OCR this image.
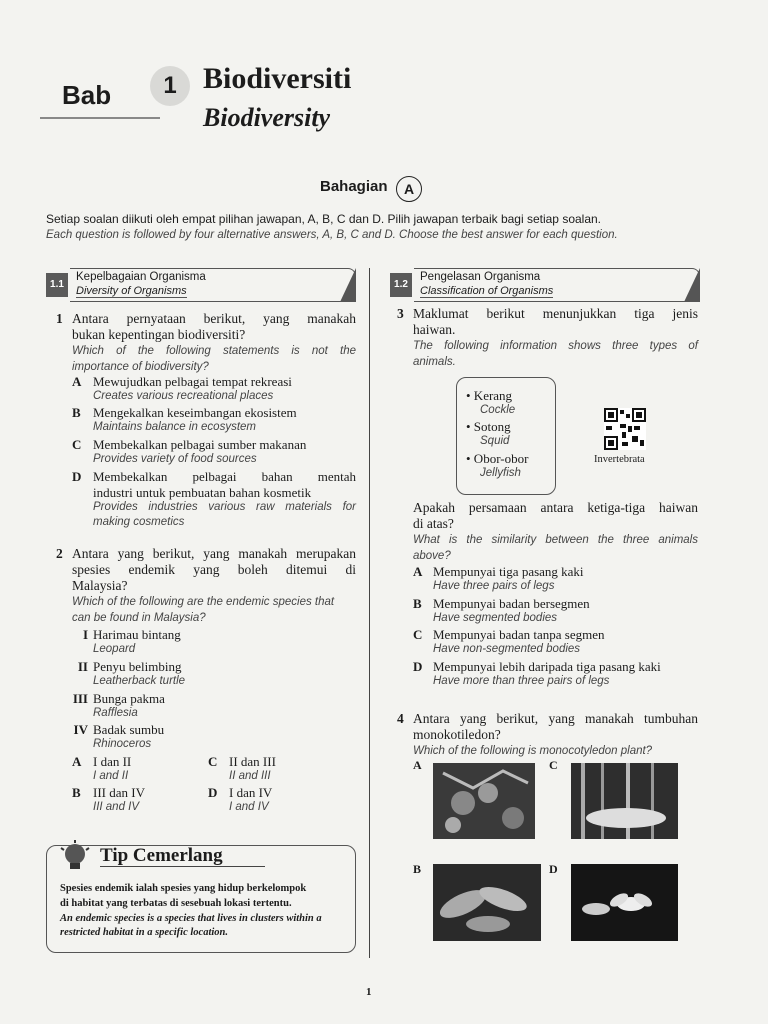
Bab	1 Biodiversiti
Biodiversity
Bahagian	A
Setiap soalan diikuti oleh empat pilihan jawapan, A, B, C dan D. Pilih jawapan terbaik bagi setiap soalan.
Each question is followed by four alternative answers, A, B, C and D. Choose the best answer for each question.
1.1
Kepelbagaian Organisma
Diversity of Organisms
1.2
Pengelasan Organisma
Classification of Organisms
1 Antara pernyataan berikut, yang manakah
bukan kepentingan biodiversiti?
Which of the following statements is not the
importance of biodiversity?
A Mewujudkan pelbagai tempat rekreasi
Creates various recreational places
B Mengekalkan keseimbangan ekosistem
Maintains balance in ecosystem
C Membekalkan pelbagai sumber makanan
Provides variety of food sources
D Membekalkan pelbagai bahan mentah
industri untuk pembuatan bahan kosmetik
Provides industries various raw materials for
making cosmetics
2 Antara yang berikut, yang manakah merupakan
spesies endemik yang boleh ditemui di
Malaysia?
Which of the following are the endemic species that
can be found in Malaysia?
I Harimau bintang
Leopard
II Penyu belimbing
Leatherback turtle
III Bunga pakma
Rafflesia
IV Badak sumbu
Rhinoceros
A I dan II
I and II
C II dan III
II and III
B III dan IV
III and IV
D I dan IV
I and IV
Tip Cemerlang
Spesies endemik ialah spesies yang hidup berkelompok
di habitat yang terbatas di sesebuah lokasi tertentu.
An endemic species is a species that lives in clusters within a
restricted habitat in a specific location.
3 Maklumat berikut menunjukkan tiga jenis
haiwan.
The following information shows three types of
animals.
• Kerang
Cockle
• Sotong
Squid
• Obor-obor
Jellyfish
Invertebrata
Apakah persamaan antara ketiga-tiga haiwan
di atas?
What is the similarity between the three animals
above?
A Mempunyai tiga pasang kaki
Have three pairs of legs
B Mempunyai badan bersegmen
Have segmented bodies
C Mempunyai badan tanpa segmen
Have non-segmented bodies
D Mempunyai lebih daripada tiga pasang kaki
Have more than three pairs of legs
4 Antara yang berikut, yang manakah tumbuhan
monokotiledon?
Which of the following is monocotyledon plant?
A	C
B	D
1
